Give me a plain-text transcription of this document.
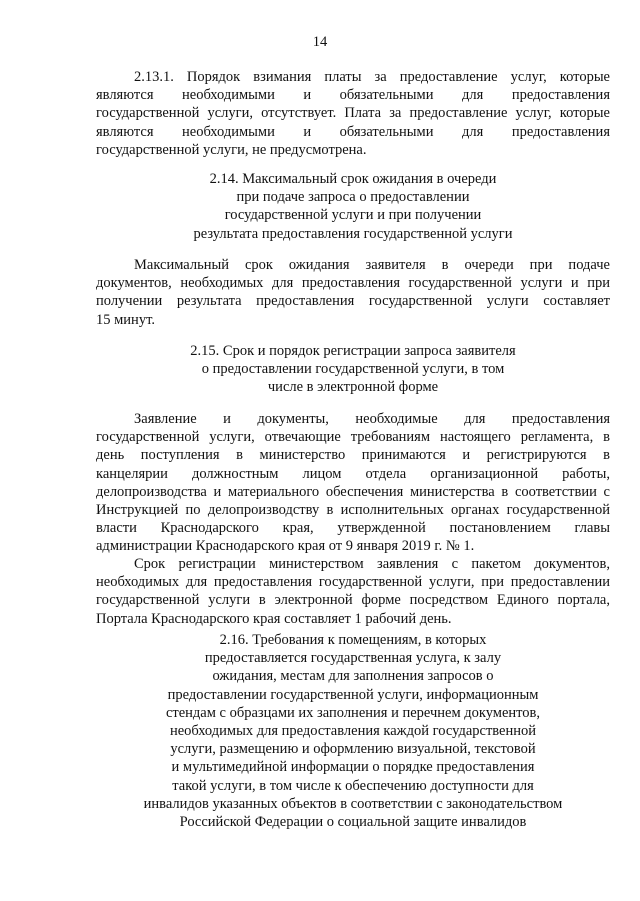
14
2.13.1. Порядок взимания платы за предоставление услуг, которые
являются необходимыми и обязательными для предоставления
государственной услуги, отсутствует. Плата за предоставление услуг, которые
являются необходимыми и обязательными для предоставления
государственной услуги, не предусмотрена.
2.14. Максимальный срок ожидания в очереди
при подаче запроса о предоставлении
государственной услуги и при получении
результата предоставления государственной услуги
Максимальный срок ожидания заявителя в очереди при подаче
документов, необходимых для предоставления государственной услуги и при
получении результата предоставления государственной услуги составляет
15 минут.
2.15. Срок и порядок регистрации запроса заявителя
о предоставлении государственной услуги, в том
числе в электронной форме
Заявление и документы, необходимые для предоставления
государственной услуги, отвечающие требованиям настоящего регламента, в
день поступления в министерство принимаются и регистрируются в
канцелярии должностным лицом отдела организационной работы,
делопроизводства и материального обеспечения министерства в соответствии с
Инструкцией по делопроизводству в исполнительных органах государственной
власти Краснодарского края, утвержденной постановлением главы
администрации Краснодарского края от 9 января 2019 г. № 1.
Срок регистрации министерством заявления с пакетом документов,
необходимых для предоставления государственной услуги, при предоставлении
государственной услуги в электронной форме посредством Единого портала,
Портала Краснодарского края составляет 1 рабочий день.
2.16. Требования к помещениям, в которых
предоставляется государственная услуга, к залу
ожидания, местам для заполнения запросов о
предоставлении государственной услуги, информационным
стендам с образцами их заполнения и перечнем документов,
необходимых для предоставления каждой государственной
услуги, размещению и оформлению визуальной, текстовой
и мультимедийной информации о порядке предоставления
такой услуги, в том числе к обеспечению доступности для
инвалидов указанных объектов в соответствии с законодательством
Российской Федерации о социальной защите инвалидов
